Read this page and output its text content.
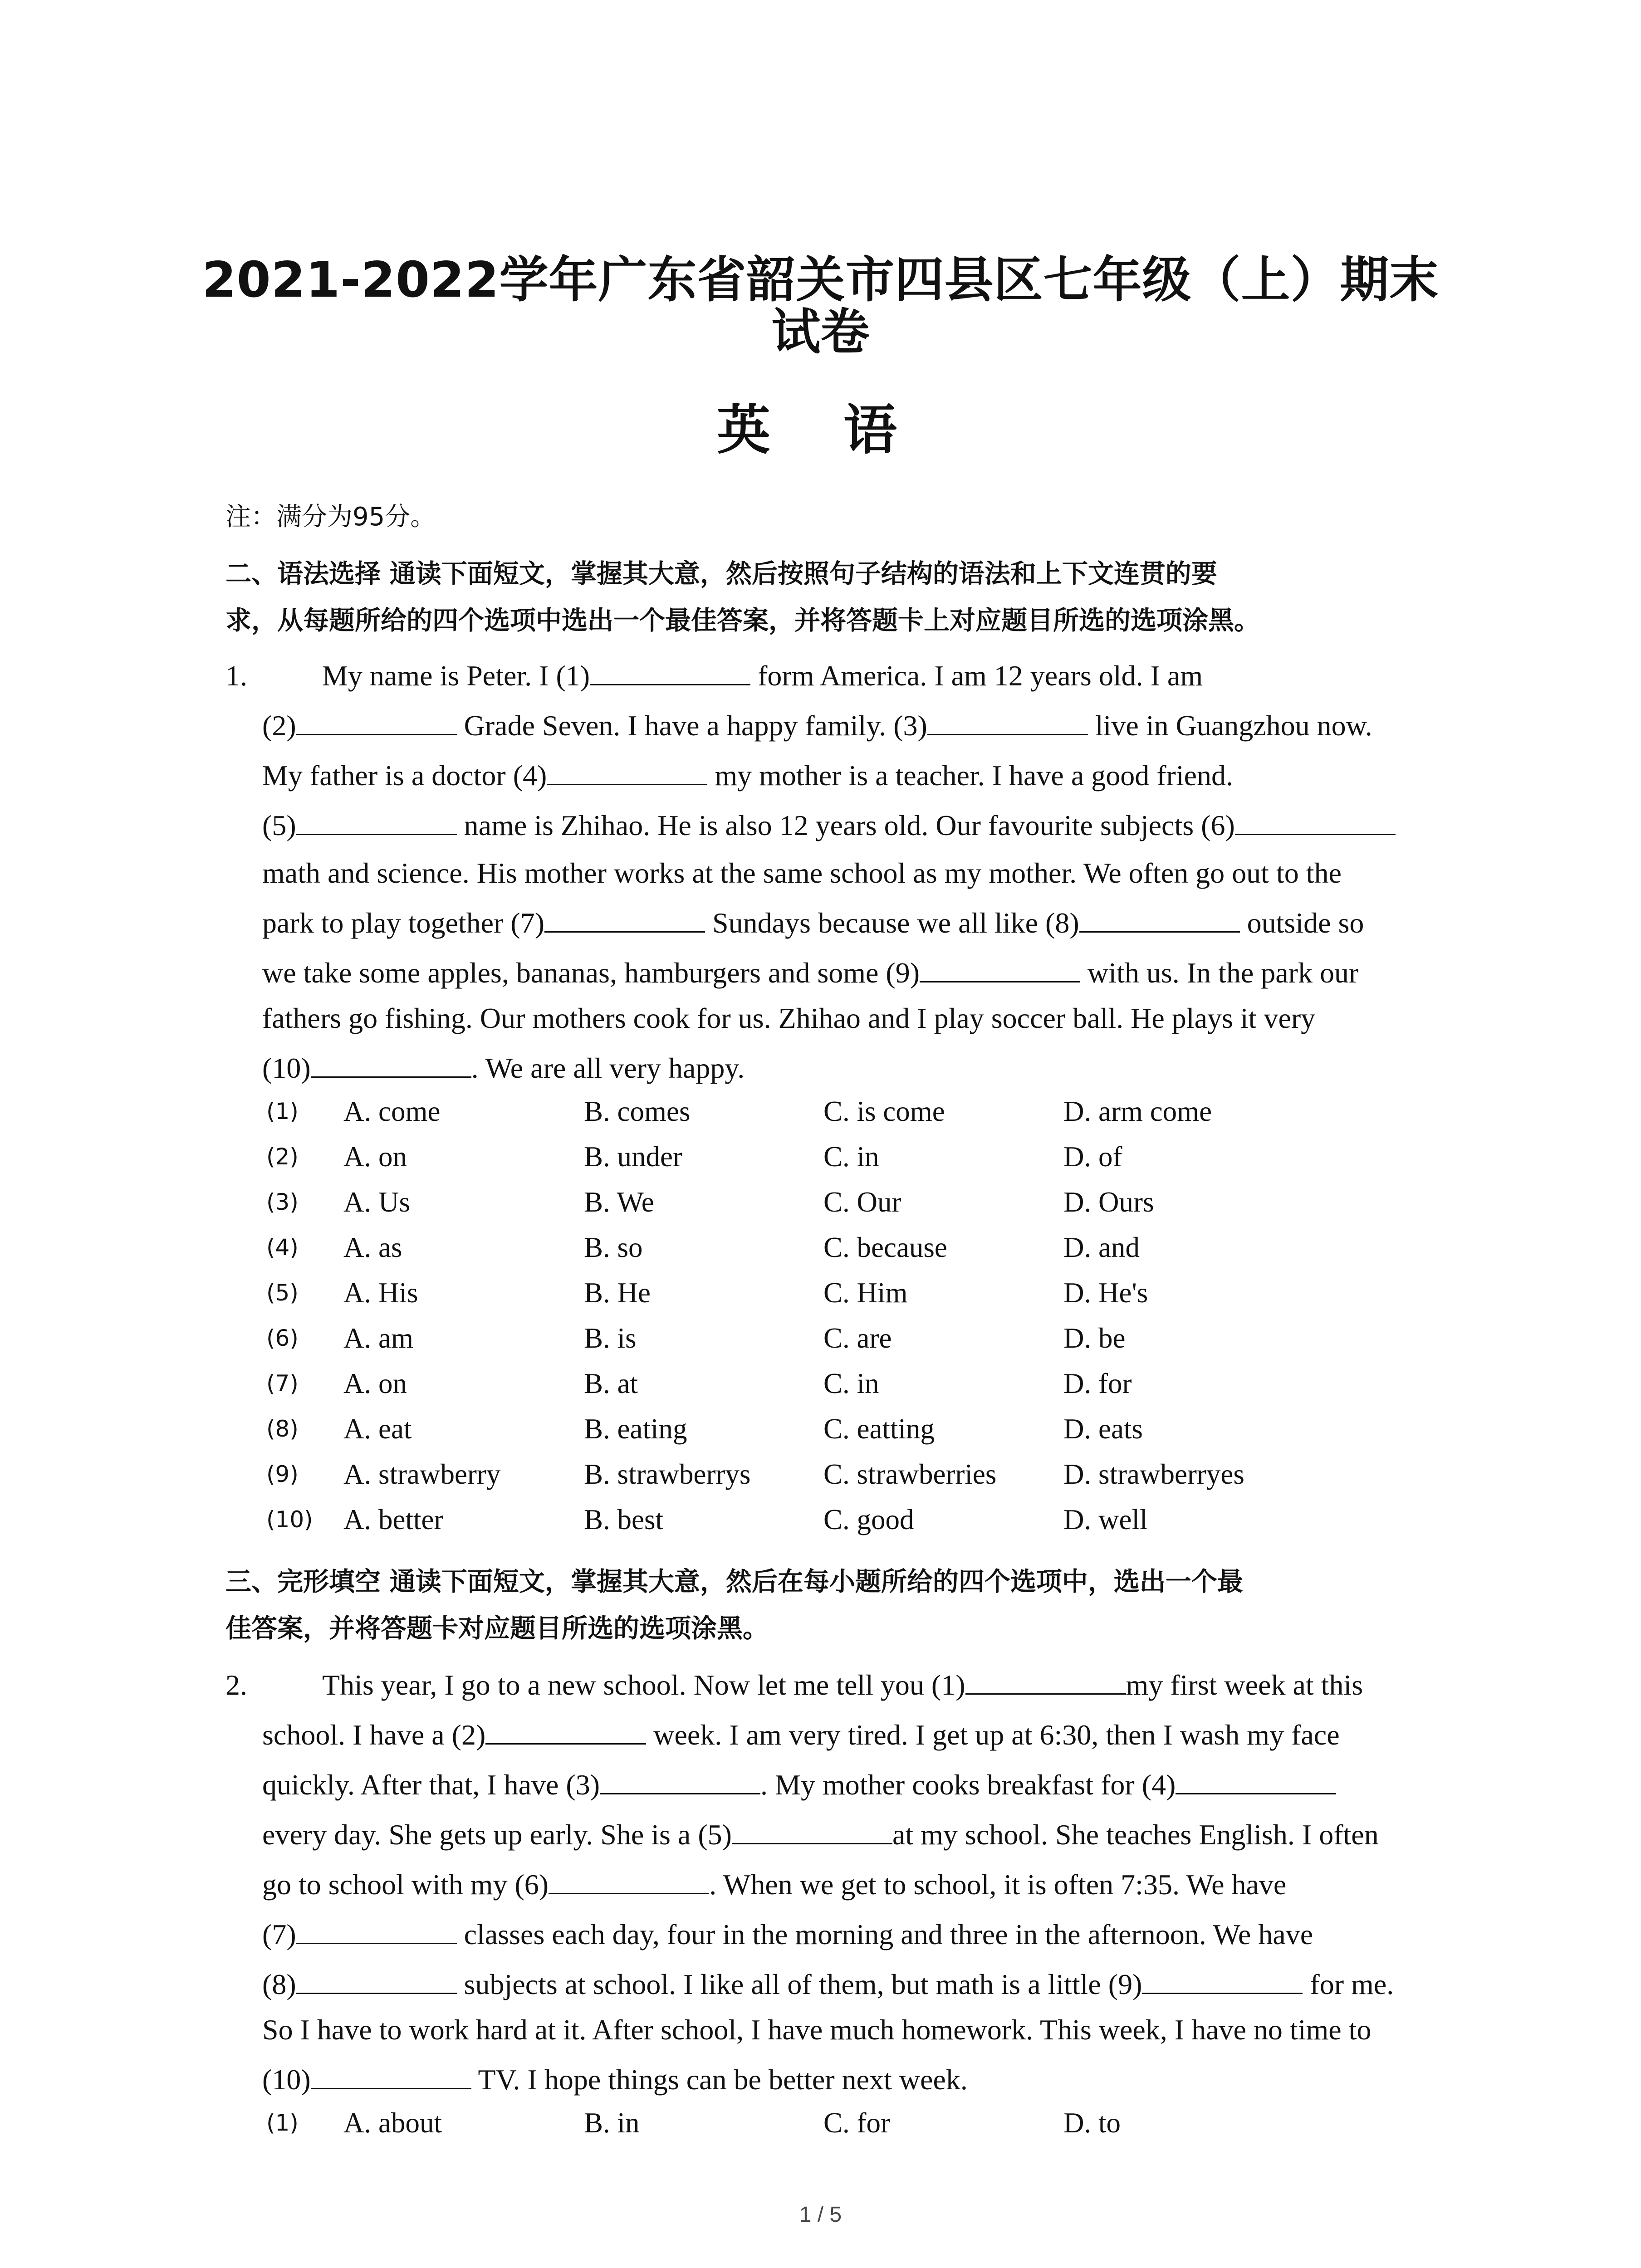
2021-2022学年广东省韶关市四县区七年级（上）期末
试卷
英 语
注：满分为95分。
二、语法选择 通读下面短文，掌握其大意，然后按照句子结构的语法和上下文连贯的要
求，从每题所给的四个选项中选出一个最佳答案，并将答题卡上对应题目所选的选项涂黑。
1.	My name is Peter. I (1)	form America. I am 12 years old. I am
(2)	Grade Seven. I have a happy family. (3)	live in Guangzhou now.
My father is a doctor (4)	my mother is a teacher. I have a good friend.
(5)	name is Zhihao. He is also 12 years old. Our favourite subjects (6)
math and science. His mother works at the same school as my mother. We often go out to the
park to play together (7)	Sundays because we all like (8)	outside so
we take some apples, bananas, hamburgers and some (9)	with us. In the park our
fathers go fishing. Our mothers cook for us. Zhihao and I play soccer ball. He plays it very
(10)	. We are all very happy.
(1) A. come	B. comes	C. is come	D. arm come
(2) A. on	B. under	C. in	D. of
(3) A. Us	B. We	C. Our	D. Ours
(4) A. as	B. so	C. because	D. and
(5) A. His	B. He	C. Him	D. He's
(6) A. am	B. is	C. are	D. be
(7) A. on	B. at	C. in	D. for
(8) A. eat	B. eating	C. eatting	D. eats
(9) A. strawberry	B. strawberrys	C. strawberries D. strawberryes
(10) A. better	B. best	C. good	D. well
三、完形填空 通读下面短文，掌握其大意，然后在每小题所给的四个选项中，选出一个最
佳答案，并将答题卡对应题目所选的选项涂黑。
2.	This year, I go to a new school. Now let me tell you (1)	my first week at this
school. I have a (2)	week. I am very tired. I get up at 6:30, then I wash my face
quickly. After that, I have (3)	. My mother cooks breakfast for (4)
every day. She gets up early. She is a (5)	at my school. She teaches English. I often
go to school with my (6)	. When we get to school, it is often 7:35. We have
(7)	classes each day, four in the morning and three in the afternoon. We have
(8)	subjects at school. I like all of them, but math is a little (9)	for me.
So I have to work hard at it. After school, I have much homework. This week, I have no time to
(10)	TV. I hope things can be better next week.
(1) A. about	B. in	C. for	D. to
1 / 5
